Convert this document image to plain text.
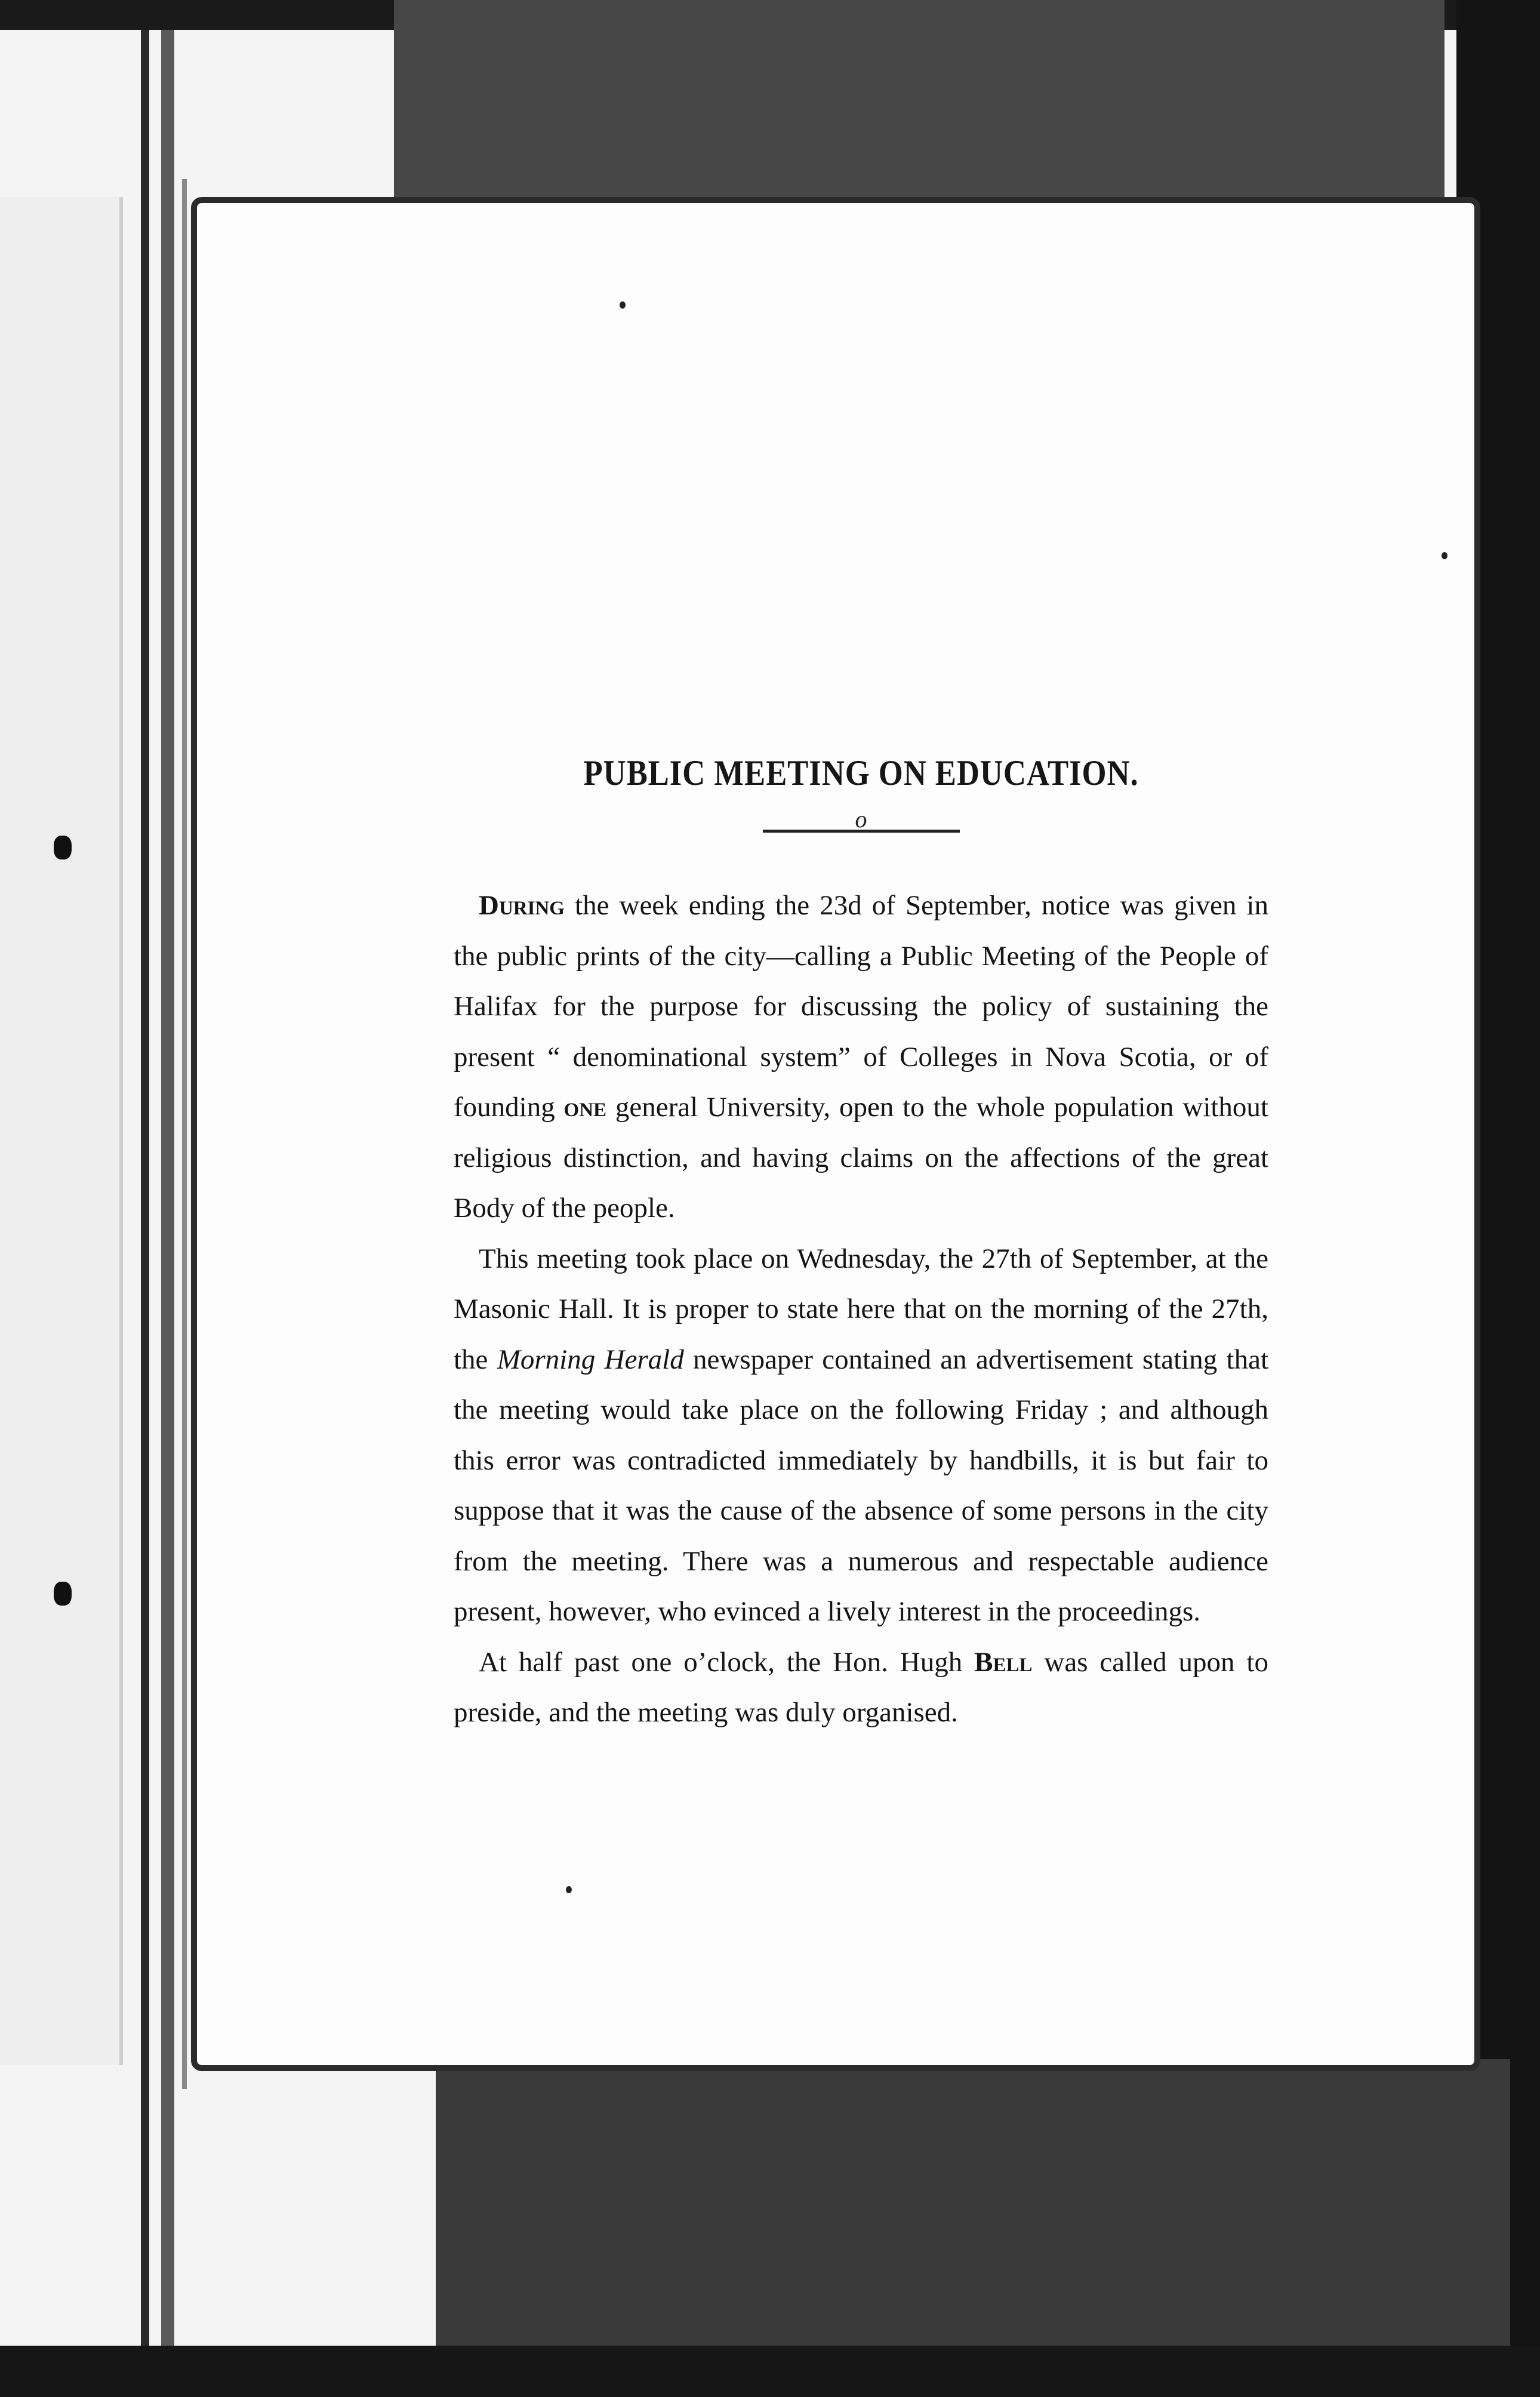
PUBLIC MEETING ON EDUCATION.
o

During the week ending the 23d of September, notice was given in the public prints of the city—calling a Public Meeting of the People of Halifax for the purpose for discussing the policy of sustaining the present “ denominational system” of Colleges in Nova Scotia, or of founding one general University, open to the whole population without religious distinction, and having claims on the affections of the great Body of the people.

This meeting took place on Wednesday, the 27th of September, at the Masonic Hall. It is proper to state here that on the morning of the 27th, the Morning Herald newspaper contained an advertisement stating that the meeting would take place on the following Friday ; and although this error was contradicted immediately by handbills, it is but fair to suppose that it was the cause of the absence of some persons in the city from the meeting. There was a numerous and respectable audience present, however, who evinced a lively interest in the proceedings.

At half past one o’clock, the Hon. Hugh Bell was called upon to preside, and the meeting was duly organised.
